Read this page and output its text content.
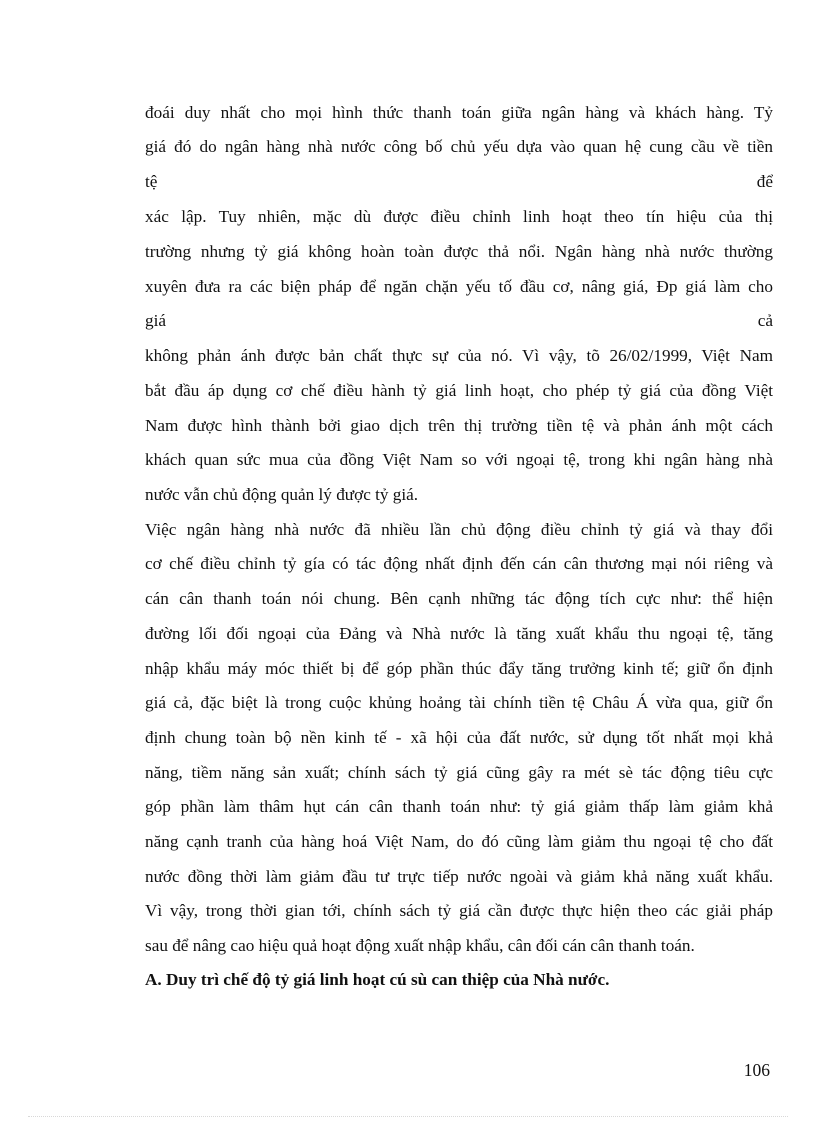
đoái duy nhất cho mọi hình thức thanh toán giữa ngân hàng và khách hàng. Tỷ
giá đó do ngân hàng nhà nước công bố chủ yếu dựa vào quan hệ cung cầu về tiền
tệ để
xác lập. Tuy nhiên, mặc dù được điều chỉnh linh hoạt theo tín hiệu của thị
trường nhưng tỷ giá không hoàn toàn được thả nổi. Ngân hàng nhà nước thường
xuyên đưa ra các biện pháp để ngăn chặn yếu tố đầu cơ, nâng giá, Đp giá làm cho
giá cả
không phản ánh được bản chất thực sự của nó. Vì vậy, tõ 26/02/1999, Việt Nam
bắt đầu áp dụng cơ chế điều hành tỷ giá linh hoạt, cho phép tỷ giá của đồng Việt
Nam được hình thành bởi giao dịch trên thị trường tiền tệ và phản ánh một cách
khách quan sức mua của đồng Việt Nam so với ngoại tệ, trong khi ngân hàng nhà
nước vẫn chủ động quản lý được tỷ giá.
Việc ngân hàng nhà nước đã nhiều lần chủ động điều chỉnh tỷ giá và thay đổi
cơ chế điều chỉnh tỷ gía có tác động nhất định đến cán cân thương mại nói riêng và
cán cân thanh toán nói chung. Bên cạnh những tác động tích cực như: thể hiện
đường lối đối ngoại của Đảng và Nhà nước là tăng xuất khẩu thu ngoại tệ, tăng
nhập khẩu máy móc thiết bị để góp phần thúc đẩy tăng trưởng kinh tế; giữ ổn định
giá cả, đặc biệt là trong cuộc khủng hoảng tài chính tiền tệ Châu Á vừa qua, giữ ổn
định chung toàn bộ nền kinh tế - xã hội của đất nước, sử dụng tốt nhất mọi khả
năng, tiềm năng sản xuất; chính sách tỷ giá cũng gây ra mét sè tác động tiêu cực
góp phần làm thâm hụt cán cân thanh toán như: tỷ giá giảm thấp làm giảm khả
năng cạnh tranh của hàng hoá Việt Nam, do đó cũng làm giảm thu ngoại tệ cho đất
nước đồng thời làm giảm đầu tư trực tiếp nước ngoài và giảm khả năng xuất khẩu.
Vì vậy, trong thời gian tới, chính sách tỷ giá cần được thực hiện theo các giải pháp
sau để nâng cao hiệu quả hoạt động xuất nhập khẩu, cân đối cán cân thanh toán.
A. Duy trì chế độ tỷ giá linh hoạt cú sù can thiệp của Nhà nước.
106
